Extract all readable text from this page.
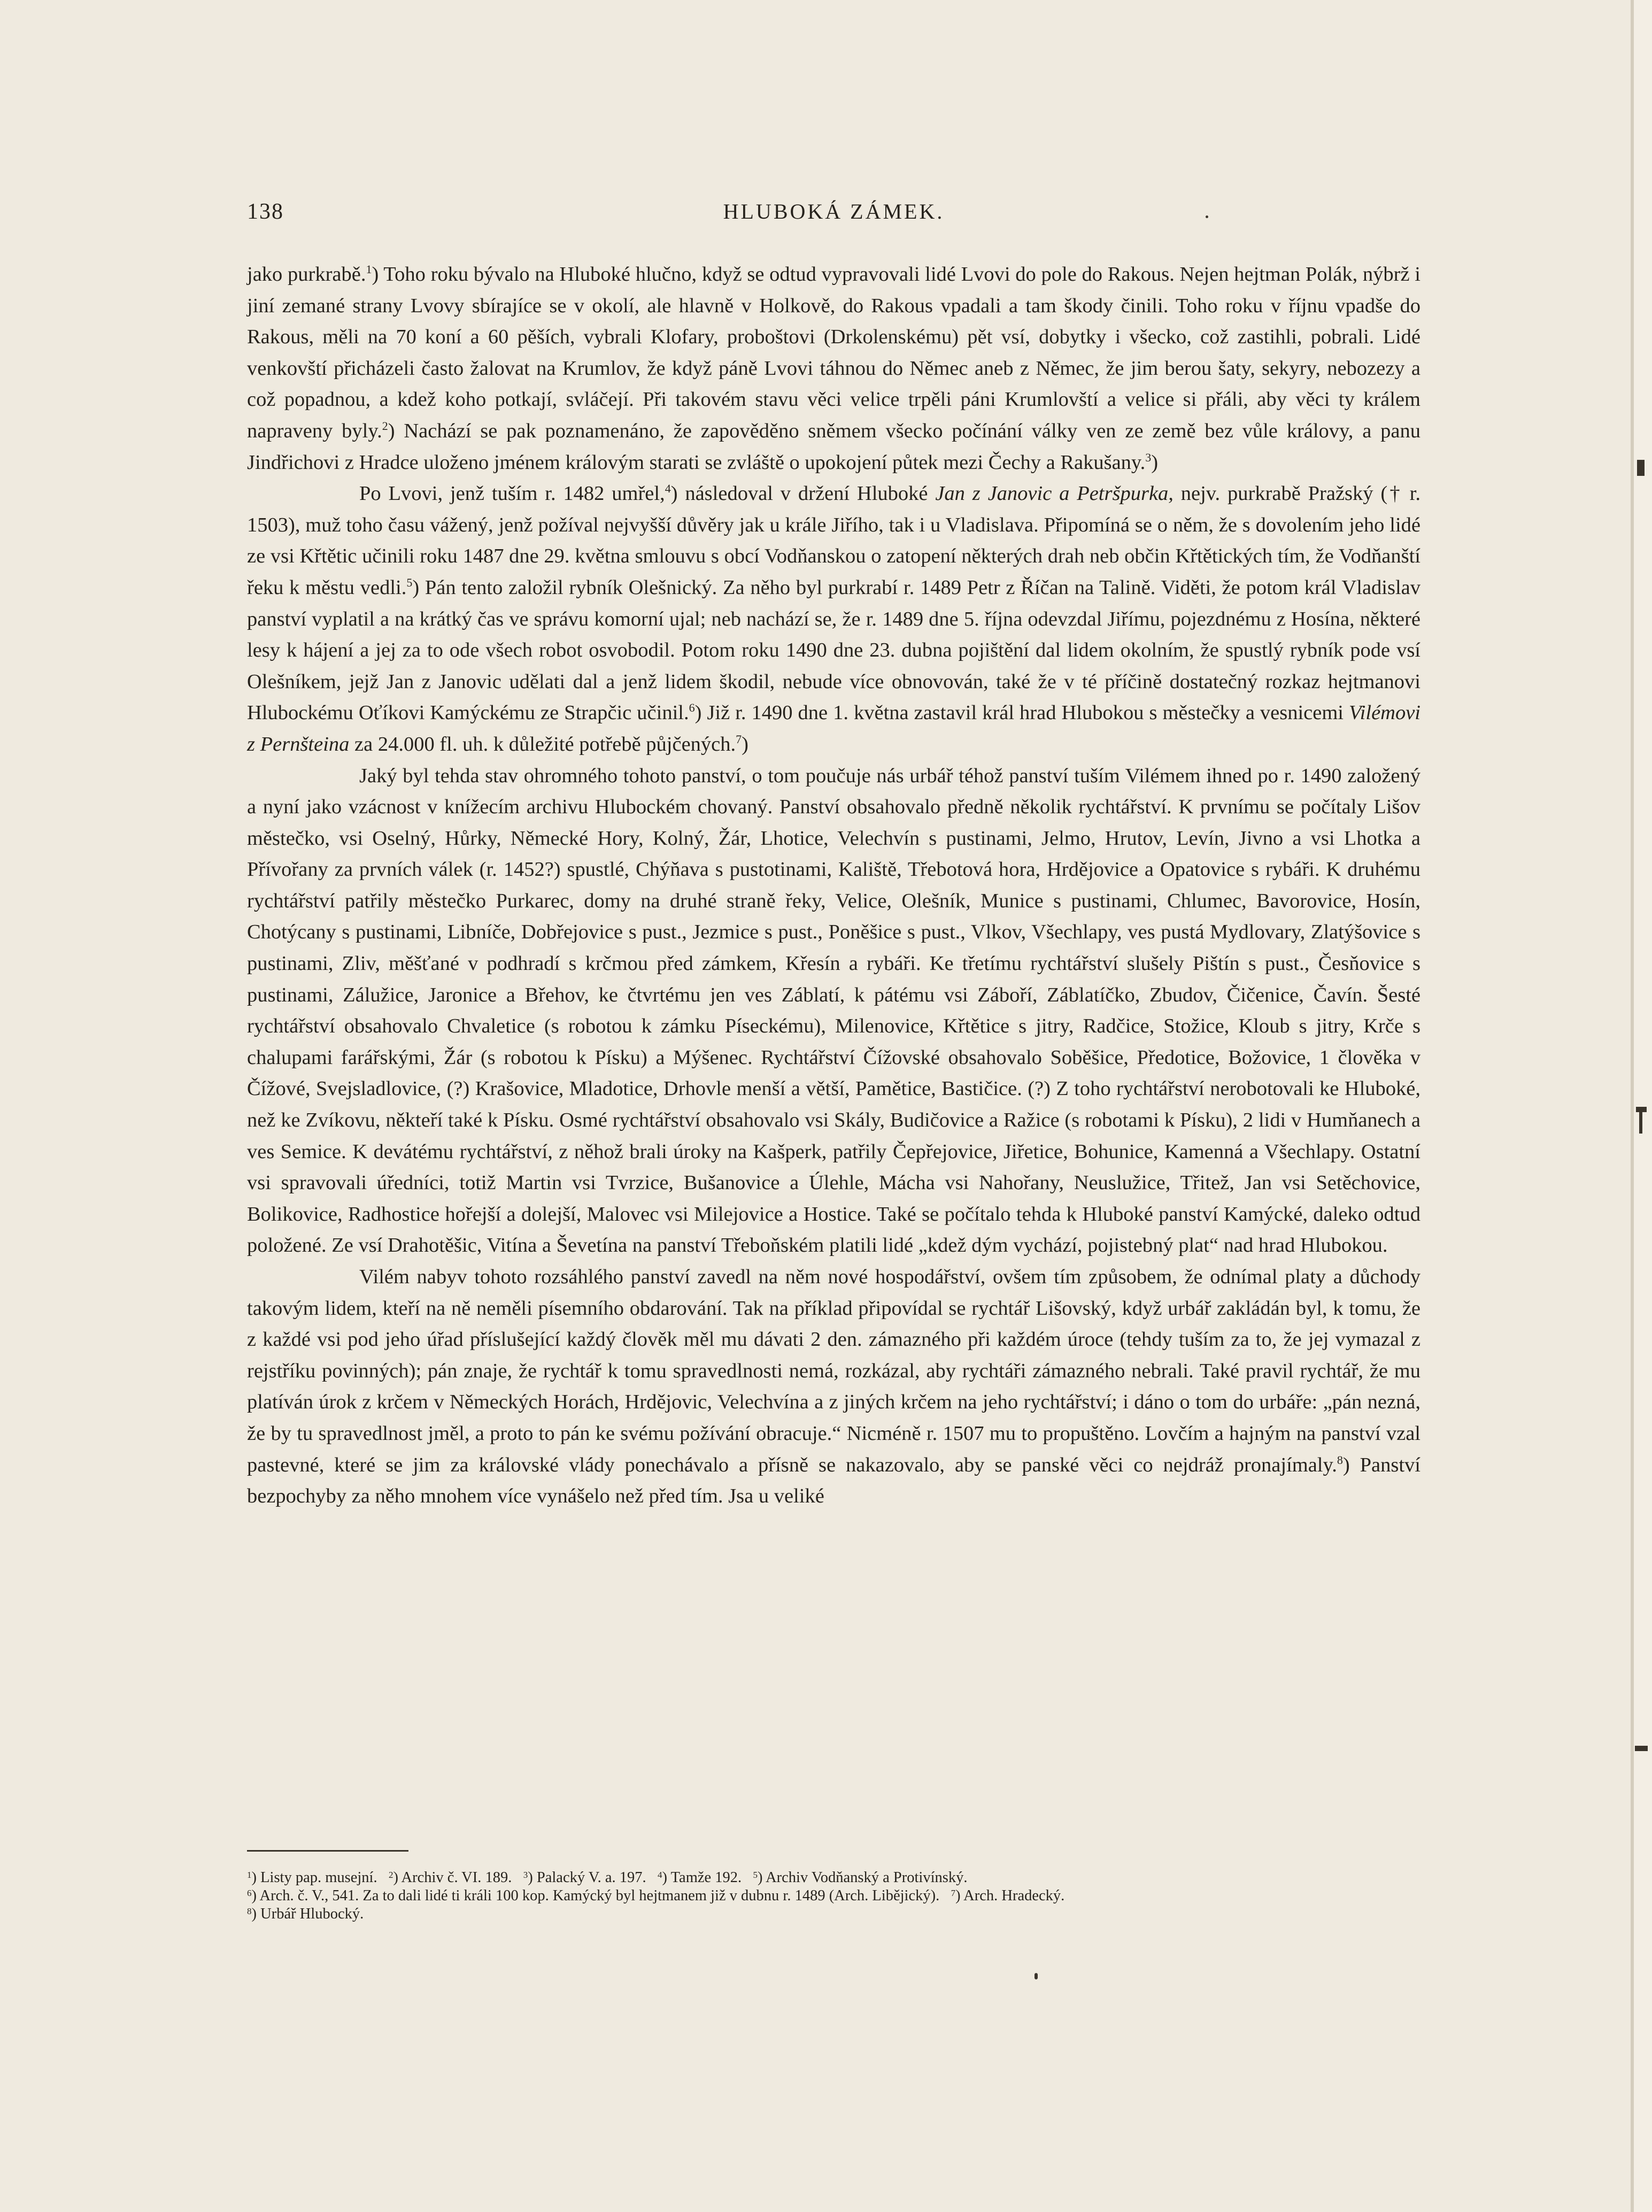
138	HLUBOKÁ ZÁMEK.

jako purkrabě.$^1$) Toho roku bývalo na Hluboké hlučno, když se odtud vypravovali lidé Lvovi do pole do Rakous. Nejen hejtman Polák, nýbrž i jiní zemané strany Lvovy sbírajíce se v okolí, ale hlavně v Holkově, do Rakous vpadali a tam škody činili. Toho roku v říjnu vpadše do Rakous, měli na 70 koní a 60 pěších, vybrali Klofary, proboštovi (Drkolenskému) pět vsí, dobytky i všecko, což zastihli, pobrali. Lidé venkovští přicházeli často žalovat na Krumlov, že když páně Lvovi táhnou do Němec aneb z Němec, že jim berou šaty, sekyry, nebozezy a což popadnou, a kdež koho potkají, svláčejí. Při takovém stavu věci velice trpěli páni Krumlovští a velice si přáli, aby věci ty králem napraveny byly.$^2$) Nachází se pak poznamenáno, že zapověděno sněmem všecko počínání války ven ze země bez vůle královy, a panu Jindřichovi z Hradce uloženo jménem královým starati se zvláště o upokojení půtek mezi Čechy a Rakušany.$^3$)

Po Lvovi, jenž tuším r. 1482 umřel,$^4$) následoval v držení Hluboké Jan z Janovic a Petršpurka, nejv. purkrabě Pražský († r. 1503), muž toho času vážený, jenž požíval nejvyšší důvěry jak u krále Jiřího, tak i u Vladislava. Připomíná se o něm, že s dovolením jeho lidé ze vsi Křtětic učinili roku 1487 dne 29. května smlouvu s obcí Vodňanskou o zatopení některých drah neb občin Křtětických tím, že Vodňanští řeku k městu vedli.$^5$) Pán tento založil rybník Olešnický. Za něho byl purkrabí r. 1489 Petr z Říčan na Talině. Viděti, že potom král Vladislav panství vyplatil a na krátký čas ve správu komorní ujal; neb nachází se, že r. 1489 dne 5. října odevzdal Jiřímu, pojezdnému z Hosína, některé lesy k hájení a jej za to ode všech robot osvobodil. Potom roku 1490 dne 23. dubna pojištění dal lidem okolním, že spustlý rybník pode vsí Olešníkem, jejž Jan z Janovic udělati dal a jenž lidem škodil, nebude více obnovován, také že v té příčině dostatečný rozkaz hejtmanovi Hlubockému Oťíkovi Kamýckému ze Strapčic učinil.$^6$) Již r. 1490 dne 1. května zastavil král hrad Hlubokou s městečky a vesnicemi Vilémovi z Pernšteina za 24.000 fl. uh. k důležité potřebě půjčených.$^7$)

Jaký byl tehda stav ohromného tohoto panství, o tom poučuje nás urbář téhož panství tuším Vilémem ihned po r. 1490 založený a nyní jako vzácnost v knížecím archivu Hlubockém chovaný. Panství obsahovalo předně několik rychtářství. K prvnímu se počítaly Lišov městečko, vsi Oselný, Hůrky, Německé Hory, Kolný, Žár, Lhotice, Velechvín s pustinami, Jelmo, Hrutov, Levín, Jivno a vsi Lhotka a Přívořany za prvních válek (r. 1452?) spustlé, Chýňava s pustotinami, Kaliště, Třebotová hora, Hrdějovice a Opatovice s rybáři. K druhému rychtářství patřily městečko Purkarec, domy na druhé straně řeky, Velice, Olešník, Munice s pustinami, Chlumec, Bavorovice, Hosín, Chotýcany s pustinami, Libníče, Dobřejovice s pust., Jezmice s pust., Poněšice s pust., Vlkov, Všechlapy, ves pustá Mydlovary, Zlatýšovice s pustinami, Zliv, měšťané v podhradí s krčmou před zámkem, Křesín a rybáři. Ke třetímu rychtářství slušely Pištín s pust., Česňovice s pustinami, Zálužice, Jaronice a Břehov, ke čtvrtému jen ves Záblatí, k pátému vsi Záboří, Záblatíčko, Zbudov, Čičenice, Čavín. Šesté rychtářství obsahovalo Chvaletice (s robotou k zámku Píseckému), Milenovice, Křtětice s jitry, Radčice, Stožice, Kloub s jitry, Krče s chalupami farářskými, Žár (s robotou k Písku) a Mýšenec. Rychtářství Čížovské obsahovalo Soběšice, Předotice, Božovice, 1 člověka v Čížové, Svejsladlovice, (?) Krašovice, Mladotice, Drhovle menší a větší, Pamětice, Bastičice. (?) Z toho rychtářství nerobotovali ke Hluboké, než ke Zvíkovu, někteří také k Písku. Osmé rychtářství obsahovalo vsi Skály, Budičovice a Ražice (s robotami k Písku), 2 lidi v Humňanech a ves Semice. K devátému rychtářství, z něhož brali úroky na Kašperk, patřily Čepřejovice, Jiřetice, Bohunice, Kamenná a Všechlapy. Ostatní vsi spravovali úředníci, totiž Martin vsi Tvrzice, Bušanovice a Úlehle, Mácha vsi Nahořany, Neuslužice, Třitež, Jan vsi Setěchovice, Bolikovice, Radhostice hořejší a dolejší, Malovec vsi Milejovice a Hostice. Také se počítalo tehda k Hluboké panství Kamýcké, daleko odtud položené. Ze vsí Drahotěšic, Vitína a Ševetína na panství Třeboňském platili lidé „kdež dým vychází, pojistebný plat“ nad hrad Hlubokou.

Vilém nabyv tohoto rozsáhlého panství zavedl na něm nové hospodářství, ovšem tím způsobem, že odnímal platy a důchody takovým lidem, kteří na ně neměli písemního obdarování. Tak na příklad připovídal se rychtář Lišovský, když urbář zakládán byl, k tomu, že z každé vsi pod jeho úřad příslušející každý člověk měl mu dávati 2 den. zámazného při každém úroce (tehdy tuším za to, že jej vymazal z rejstříku povinných); pán znaje, že rychtář k tomu spravedlnosti nemá, rozkázal, aby rychtáři zámazného nebrali. Také pravil rychtář, že mu platíván úrok z krčem v Německých Horách, Hrdějovic, Velechvína a z jiných krčem na jeho rychtářství; i dáno o tom do urbáře: „pán nezná, že by tu spravedlnost jměl, a proto to pán ke svému požívání obracuje.“ Nicméně r. 1507 mu to propuštěno. Lovčím a hajným na panství vzal pastevné, které se jim za královské vlády ponechávalo a přísně se nakazovalo, aby se panské věci co nejdráž pronajímaly.$^8$) Panství bezpochyby za něho mnohem více vynášelo než před tím. Jsa u veliké

$^1$) Listy pap. musejní. $^2$) Archiv č. VI. 189. $^3$) Palacký V. a. 197. $^4$) Tamže 192. $^5$) Archiv Vodňanský a Protivínský.

$^6$) Arch. č. V., 541. Za to dali lidé ti králi 100 kop. Kamýcký byl hejtmanem již v dubnu r. 1489 (Arch. Libějický). $^7$) Arch. Hradecký.

$^8$) Urbář Hlubocký.
